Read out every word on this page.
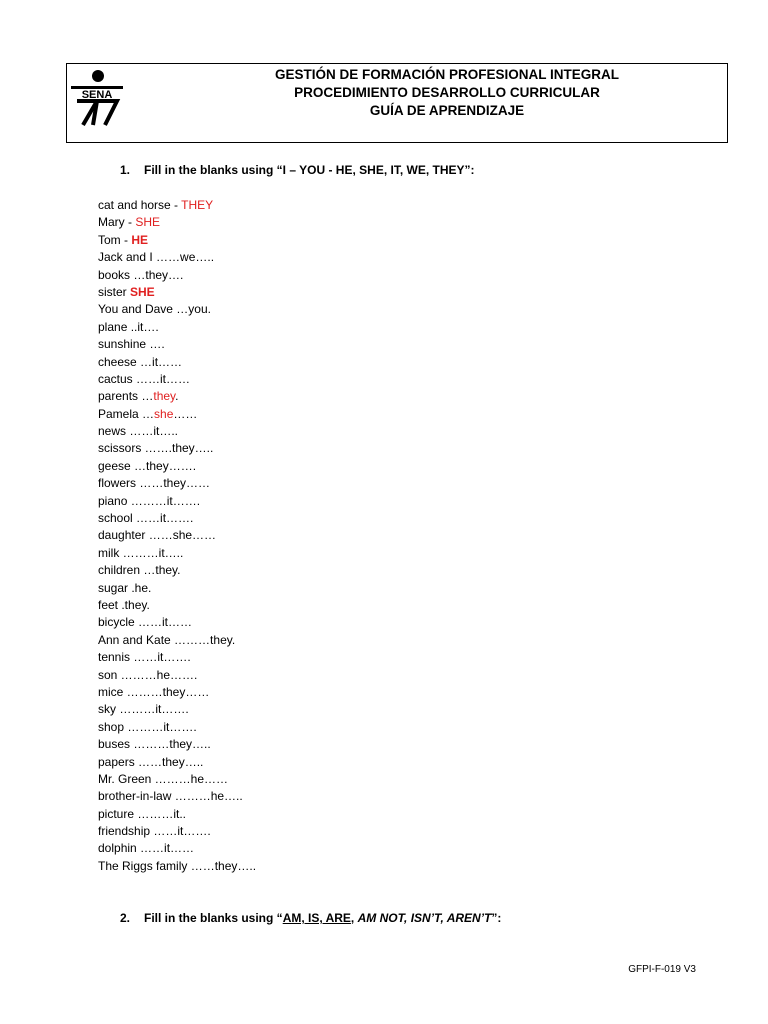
SENA
GESTIÓN DE FORMACIÓN PROFESIONAL INTEGRAL
PROCEDIMIENTO DESARROLLO CURRICULAR
GUÍA DE APRENDIZAJE
1. Fill in the blanks using “I – YOU - HE, SHE, IT, WE, THEY”:
cat and horse - THEY
Mary - SHE
Tom - HE
Jack and I ……we…..
books …they….
sister SHE
You and Dave …you.
plane ..it….
sunshine ….
cheese …it……
cactus ……it……
parents …they.
Pamela …she……
news ……it…..
scissors …….they…..
geese …they…….
flowers ……they……
piano ………it…….
school ……it…….
daughter ……she……
milk ………it…..
children …they.
sugar .he.
feet .they.
bicycle ……it……
Ann and Kate ………they.
tennis ……it…….
son ………he…….
mice ………they……
sky ………it…….
shop ………it…….
buses ………they…..
papers ……they…..
Mr. Green ………he……
brother-in-law ………he…..
picture ………it..
friendship ……it…….
dolphin ……it……
The Riggs family ……they…..
2. Fill in the blanks using “AM, IS, ARE, AM NOT, ISN’T, AREN’T”:
GFPI-F-019 V3
